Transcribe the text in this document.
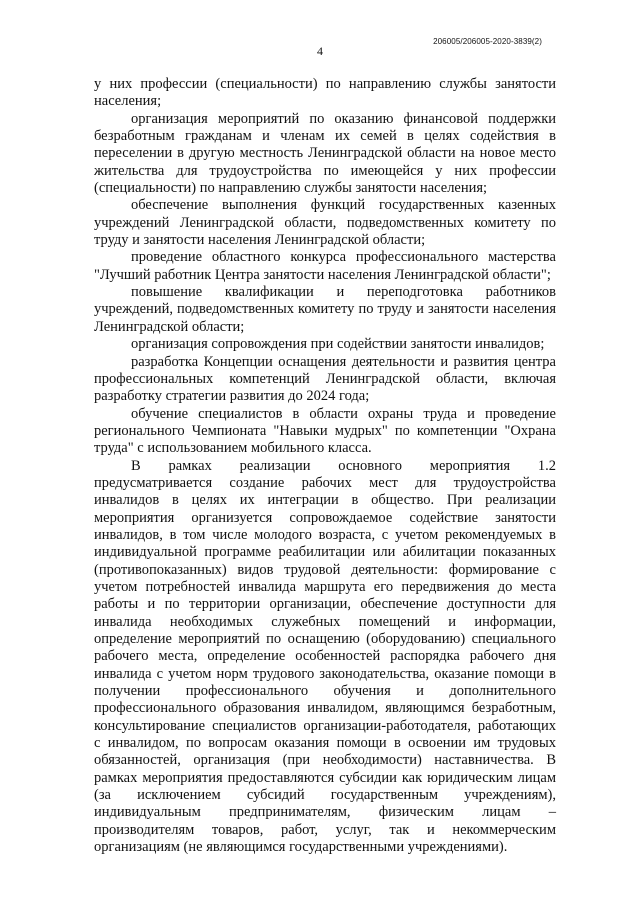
4
206005/206005-2020-3839(2)

у них профессии (специальности) по направлению службы занятости населения;

организация мероприятий по оказанию финансовой поддержки безработным гражданам и членам их семей в целях содействия в переселении в другую местность Ленинградской области на новое место жительства для трудоустройства по имеющейся у них профессии (специальности) по направлению службы занятости населения;

обеспечение выполнения функций государственных казенных учреждений Ленинградской области, подведомственных комитету по труду и занятости населения Ленинградской области;

проведение областного конкурса профессионального мастерства "Лучший работник Центра занятости населения Ленинградской области";

повышение квалификации и переподготовка работников учреждений, подведомственных комитету по труду и занятости населения Ленинградской области;

организация сопровождения при содействии занятости инвалидов;

разработка Концепции оснащения деятельности и развития центра профессиональных компетенций Ленинградской области, включая разработку стратегии развития до 2024 года;

обучение специалистов в области охраны труда и проведение регионального Чемпионата "Навыки мудрых" по компетенции "Охрана труда" с использованием мобильного класса.

В рамках реализации основного мероприятия 1.2 предусматривается создание рабочих мест для трудоустройства инвалидов в целях их интеграции в общество. При реализации мероприятия организуется сопровождаемое содействие занятости инвалидов, в том числе молодого возраста, с учетом рекомендуемых в индивидуальной программе реабилитации или абилитации показанных (противопоказанных) видов трудовой деятельности: формирование с учетом потребностей инвалида маршрута его передвижения до места работы и по территории организации, обеспечение доступности для инвалида необходимых служебных помещений и информации, определение мероприятий по оснащению (оборудованию) специального рабочего места, определение особенностей распорядка рабочего дня инвалида с учетом норм трудового законодательства, оказание помощи в получении профессионального обучения и дополнительного профессионального образования инвалидом, являющимся безработным, консультирование специалистов организации-работодателя, работающих с инвалидом, по вопросам оказания помощи в освоении им трудовых обязанностей, организация (при необходимости) наставничества. В рамках мероприятия предоставляются субсидии как юридическим лицам (за исключением субсидий государственным учреждениям), индивидуальным предпринимателям, физическим лицам – производителям товаров, работ, услуг, так и некоммерческим организациям (не являющимся государственными учреждениями).
